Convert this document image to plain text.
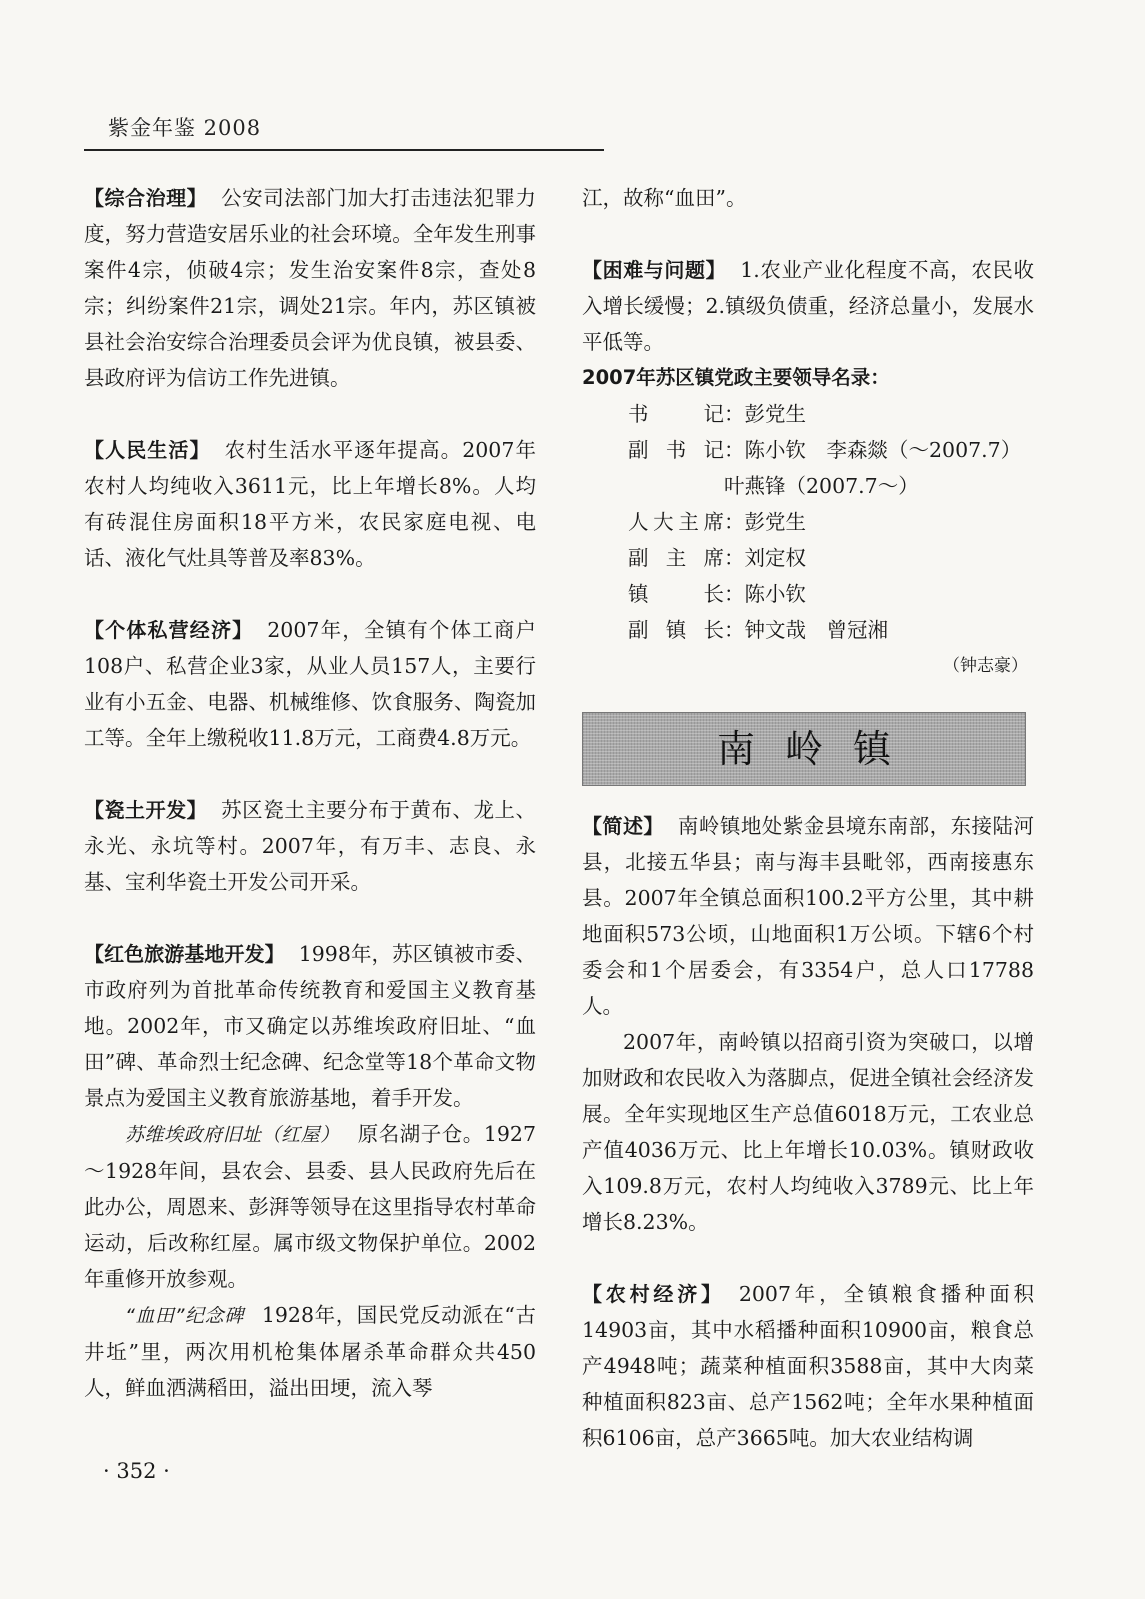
紫金年鉴 2008

【综合治理】 公安司法部门加大打击违法犯罪力度，努力营造安居乐业的社会环境。全年发生刑事案件4宗，侦破4宗；发生治安案件8宗，查处8宗；纠纷案件21宗，调处21宗。年内，苏区镇被县社会治安综合治理委员会评为优良镇，被县委、县政府评为信访工作先进镇。

【人民生活】 农村生活水平逐年提高。2007年农村人均纯收入3611元，比上年增长8%。人均有砖混住房面积18平方米，农民家庭电视、电话、液化气灶具等普及率83%。

【个体私营经济】 2007年，全镇有个体工商户108户、私营企业3家，从业人员157人，主要行业有小五金、电器、机械维修、饮食服务、陶瓷加工等。全年上缴税收11.8万元，工商费4.8万元。

【瓷土开发】 苏区瓷土主要分布于黄布、龙上、永光、永坑等村。2007年，有万丰、志良、永基、宝利华瓷土开发公司开采。

【红色旅游基地开发】 1998年，苏区镇被市委、市政府列为首批革命传统教育和爱国主义教育基地。2002年，市又确定以苏维埃政府旧址、“血田”碑、革命烈士纪念碑、纪念堂等18个革命文物景点为爱国主义教育旅游基地，着手开发。

苏维埃政府旧址（红屋） 原名湖子仓。1927～1928年间，县农会、县委、县人民政府先后在此办公，周恩来、彭湃等领导在这里指导农村革命运动，后改称红屋。属市级文物保护单位。2002年重修开放参观。

“血田”纪念碑 1928年，国民党反动派在“古井坵”里，两次用机枪集体屠杀革命群众共450人，鲜血洒满稻田，溢出田埂，流入琴

江，故称“血田”。

【困难与问题】 1.农业产业化程度不高，农民收入增长缓慢；2.镇级负债重，经济总量小，发展水平低等。

2007年苏区镇党政主要领导名录：

书　记：彭党生
副书记：陈小钦　李森燚（～2007.7）
叶燕锋（2007.7～）
人大主席：彭党生
副主席：刘定权
镇　长：陈小钦
副镇长：钟文哉　曾冠湘

（钟志豪）

南岭镇

【简述】 南岭镇地处紫金县境东南部，东接陆河县，北接五华县；南与海丰县毗邻，西南接惠东县。2007年全镇总面积100.2平方公里，其中耕地面积573公顷，山地面积1万公顷。下辖6个村委会和1个居委会，有3354户，总人口17788人。

2007年，南岭镇以招商引资为突破口，以增加财政和农民收入为落脚点，促进全镇社会经济发展。全年实现地区生产总值6018万元，工农业总产值4036万元、比上年增长10.03%。镇财政收入109.8万元，农村人均纯收入3789元、比上年增长8.23%。

【农村经济】 2007年，全镇粮食播种面积14903亩，其中水稻播种面积10900亩，粮食总产4948吨；蔬菜种植面积3588亩，其中大肉菜种植面积823亩、总产1562吨；全年水果种植面积6106亩，总产3665吨。加大农业结构调

· 352 ·
